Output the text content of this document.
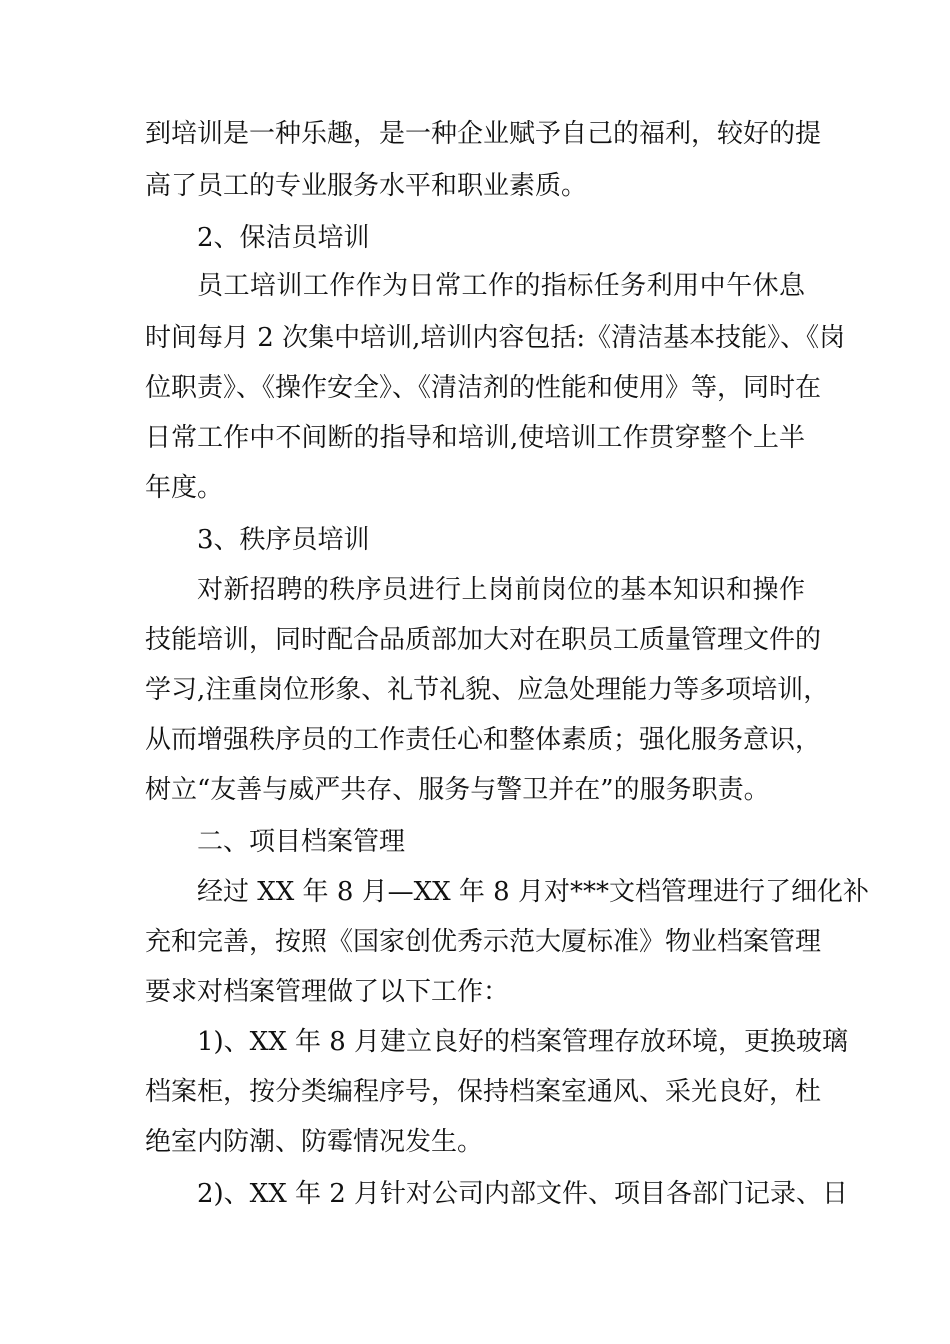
到培训是一种乐趣，是一种企业赋予自己的福利，较好的提
高了员工的专业服务水平和职业素质。
2、保洁员培训
员工培训工作作为日常工作的指标任务利用中午休息
时间每月 2 次集中培训,培训内容包括:《清洁基本技能》、《岗
位职责》、《操作安全》、《清洁剂的性能和使用》等，同时在
日常工作中不间断的指导和培训,使培训工作贯穿整个上半
年度。
3、秩序员培训
对新招聘的秩序员进行上岗前岗位的基本知识和操作
技能培训，同时配合品质部加大对在职员工质量管理文件的
学习,注重岗位形象、礼节礼貌、应急处理能力等多项培训，
从而增强秩序员的工作责任心和整体素质；强化服务意识，
树立“友善与威严共存、服务与警卫并在”的服务职责。
二、项目档案管理
经过 XX 年 8 月—XX 年 8 月对***文档管理进行了细化补
充和完善，按照《国家创优秀示范大厦标准》物业档案管理
要求对档案管理做了以下工作：
1)、XX 年 8 月建立良好的档案管理存放环境，更换玻璃
档案柜，按分类编程序号，保持档案室通风、采光良好，杜
绝室内防潮、防霉情况发生。
2)、XX 年 2 月针对公司内部文件、项目各部门记录、日
